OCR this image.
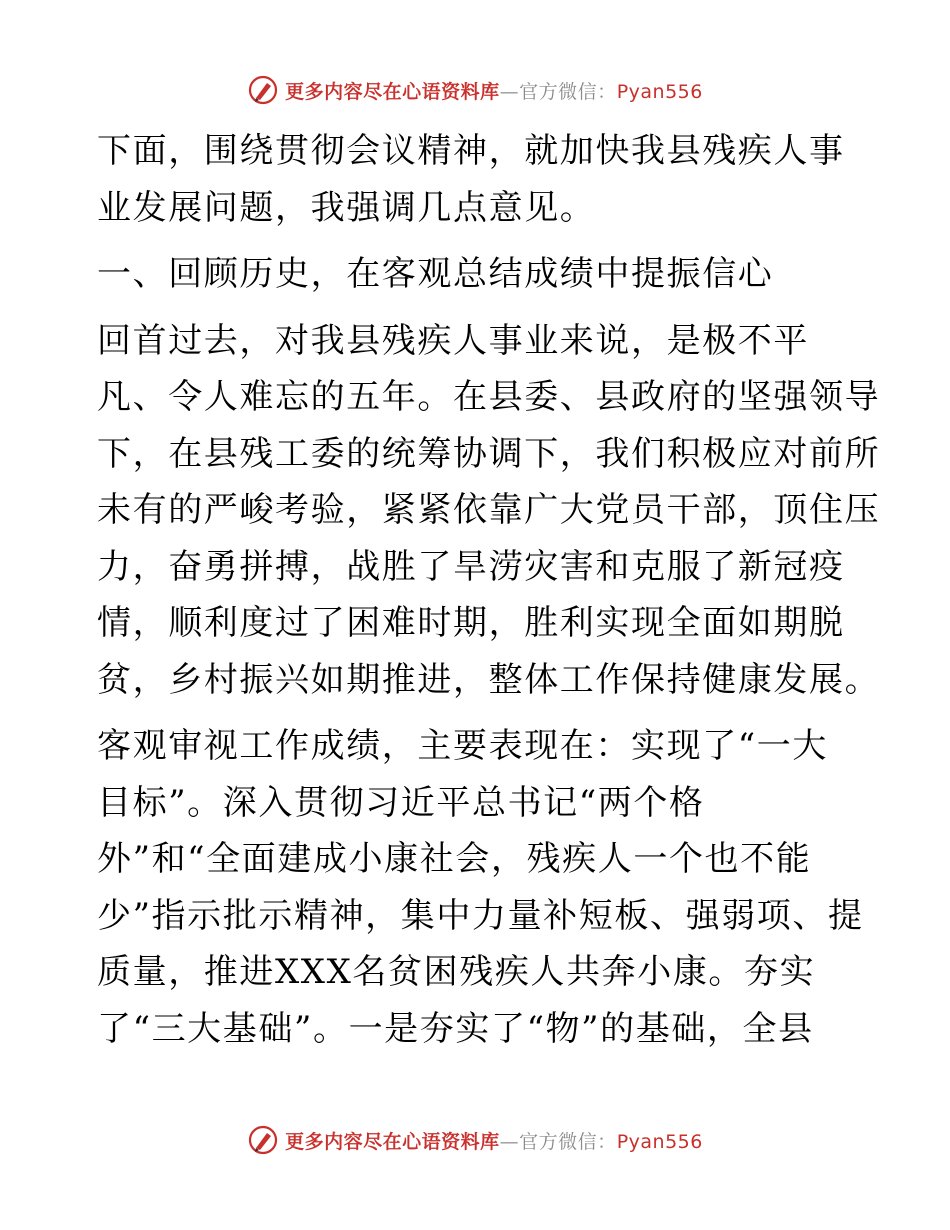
更多内容尽在心语资料库—官方微信：Pyan556
下面，围绕贯彻会议精神，就加快我县残疾人事
业发展问题，我强调几点意见。
一、回顾历史，在客观总结成绩中提振信心
回首过去，对我县残疾人事业来说，是极不平
凡、令人难忘的五年。在县委、县政府的坚强领导
下，在县残工委的统筹协调下，我们积极应对前所
未有的严峻考验，紧紧依靠广大党员干部，顶住压
力，奋勇拼搏，战胜了旱涝灾害和克服了新冠疫
情，顺利度过了困难时期，胜利实现全面如期脱
贫，乡村振兴如期推进，整体工作保持健康发展。
客观审视工作成绩，主要表现在：实现了“一大
目标”。深入贯彻习近平总书记“两个格
外”和“全面建成小康社会，残疾人一个也不能
少”指示批示精神，集中力量补短板、强弱项、提
质量，推进XXX名贫困残疾人共奔小康。夯实
了“三大基础”。一是夯实了“物”的基础，全县
更多内容尽在心语资料库—官方微信：Pyan556
